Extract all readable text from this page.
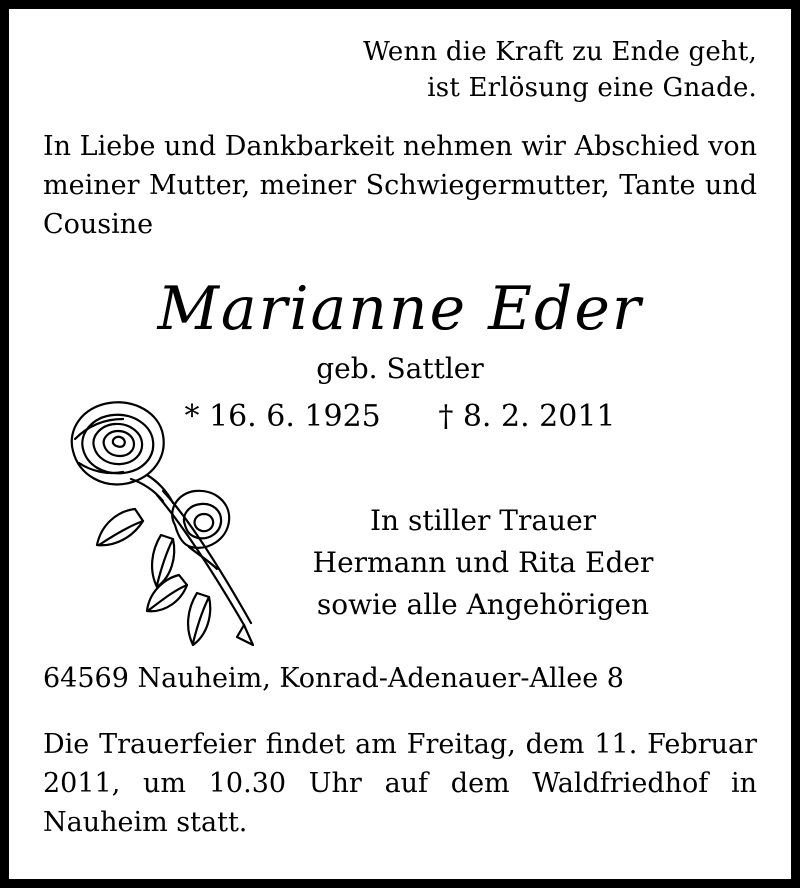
Wenn die Kraft zu Ende geht,
ist Erlösung eine Gnade.
In Liebe und Dankbarkeit nehmen wir Abschied von meiner Mutter, meiner Schwiegermutter, Tante und Cousine
Marianne Eder
geb. Sattler
* 16. 6. 1925 † 8. 2. 2011
In stiller Trauer
Hermann und Rita Eder
sowie alle Angehörigen
64569 Nauheim, Konrad-Adenauer-Allee 8
Die Trauerfeier findet am Freitag, dem 11. Februar 2011, um 10.30 Uhr auf dem Waldfriedhof in Nauheim statt.
